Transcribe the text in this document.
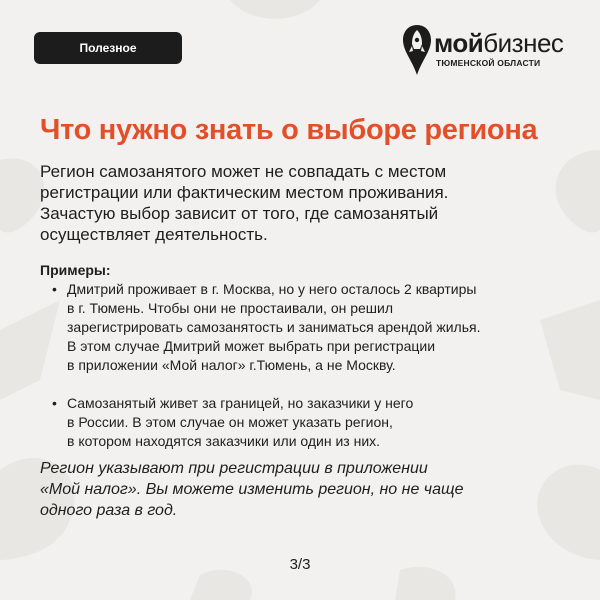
Полезное	мойбизнес
ТЮМЕНСКОЙ ОБЛАСТИ
Что нужно знать о выборе региона

Регион самозанятого может не совпадать с местом
регистрации или фактическим местом проживания.
Зачастую выбор зависит от того, где самозанятый
осуществляет деятельность.

Примеры:

• Дмитрий проживает в г. Москва, но у него осталось 2 квартиры
в г. Тюмень. Чтобы они не простаивали, он решил
зарегистрировать самозанятость и заниматься арендой жилья.
В этом случае Дмитрий может выбрать при регистрации
в приложении «Мой налог» г.Тюмень, а не Москву.
• Самозанятый живет за границей, но заказчики у него
в России. В этом случае он может указать регион,
в котором находятся заказчики или один из них.

Регион указывают при регистрации в приложении
«Мой налог». Вы можете изменить регион, но не чаще
одного раза в год.

3/3
